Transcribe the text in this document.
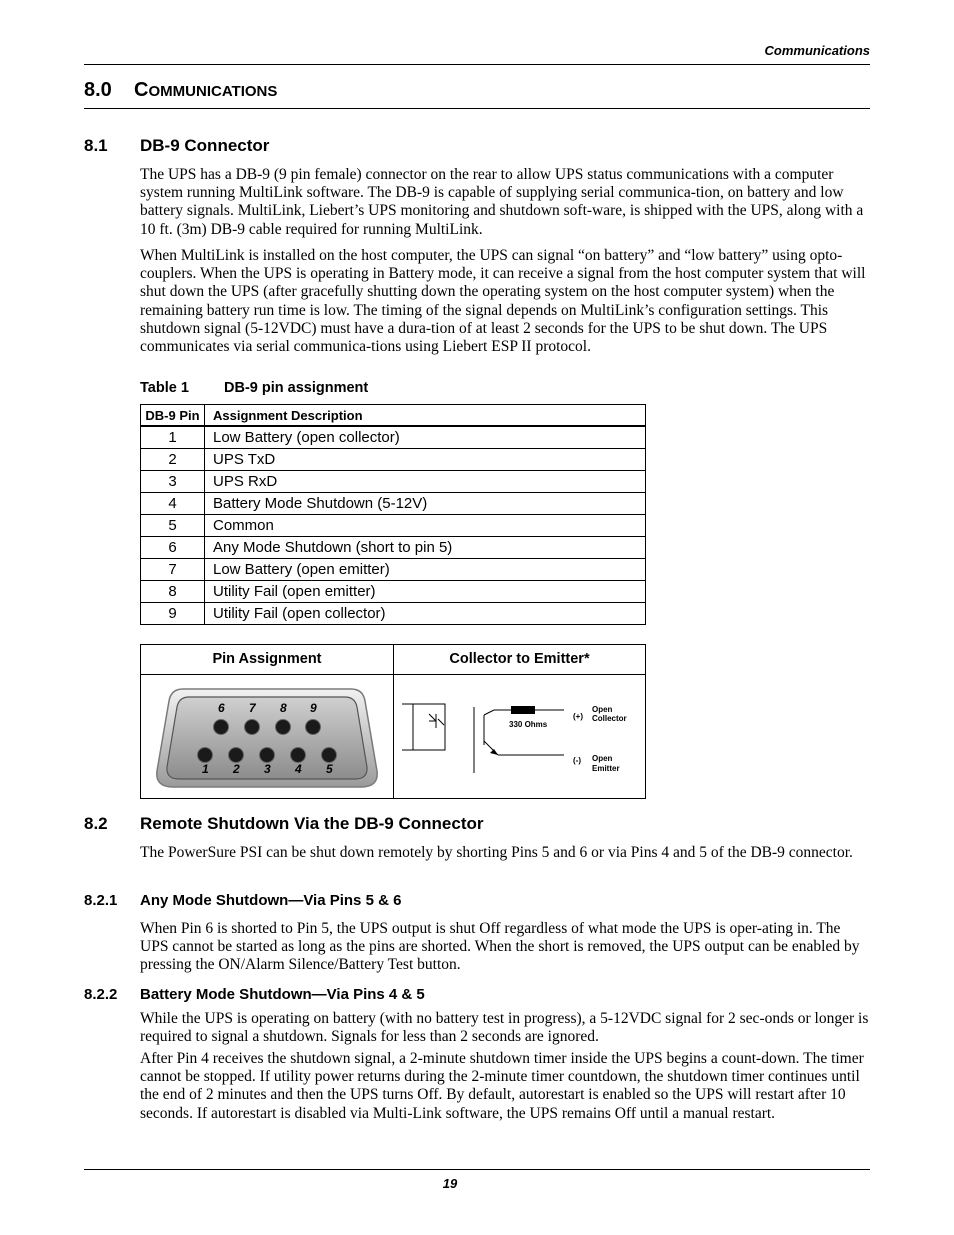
Communications
8.0 COMMUNICATIONS
8.1 DB-9 Connector

The UPS has a DB-9 (9 pin female) connector on the rear to allow UPS status communications with a computer system running MultiLink software. The DB-9 is capable of supplying serial communica-tion, on battery and low battery signals. MultiLink, Liebert’s UPS monitoring and shutdown soft-ware, is shipped with the UPS, along with a 10 ft. (3m) DB-9 cable required for running MultiLink.

When MultiLink is installed on the host computer, the UPS can signal “on battery” and “low battery” using opto-couplers. When the UPS is operating in Battery mode, it can receive a signal from the host computer system that will shut down the UPS (after gracefully shutting down the operating system on the host computer system) when the remaining battery run time is low. The timing of the signal depends on MultiLink’s configuration settings. This shutdown signal (5-12VDC) must have a dura-tion of at least 2 seconds for the UPS to be shut down. The UPS communicates via serial communica-tions using Liebert ESP II protocol.

Table 1 DB-9 pin assignment
DB-9 Pin	Assignment Description
1	Low Battery (open collector)
2	UPS TxD
3	UPS RxD
4	Battery Mode Shutdown (5-12V)
5	Common
6	Any Mode Shutdown (short to pin 5)
7	Low Battery (open emitter)
8	Utility Fail (open emitter)
9	Utility Fail (open collector)
Pin Assignment	Collector to Emitter*
6 7 8 9
1 2 3 4 5
330 Ohms
(+)
(-)
Open
Collector
Open
Emitter
8.2 Remote Shutdown Via the DB-9 Connector

The PowerSure PSI can be shut down remotely by shorting Pins 5 and 6 or via Pins 4 and 5 of the DB-9 connector.

8.2.1 Any Mode Shutdown—Via Pins 5 & 6

When Pin 6 is shorted to Pin 5, the UPS output is shut Off regardless of what mode the UPS is oper-ating in. The UPS cannot be started as long as the pins are shorted. When the short is removed, the UPS output can be enabled by pressing the ON/Alarm Silence/Battery Test button.

8.2.2 Battery Mode Shutdown—Via Pins 4 & 5

While the UPS is operating on battery (with no battery test in progress), a 5-12VDC signal for 2 sec-onds or longer is required to signal a shutdown. Signals for less than 2 seconds are ignored.

After Pin 4 receives the shutdown signal, a 2-minute shutdown timer inside the UPS begins a count-down. The timer cannot be stopped. If utility power returns during the 2-minute timer countdown, the shutdown timer continues until the end of 2 minutes and then the UPS turns Off. By default, autorestart is enabled so the UPS will restart after 10 seconds. If autorestart is disabled via Multi-Link software, the UPS remains Off until a manual restart.

19
